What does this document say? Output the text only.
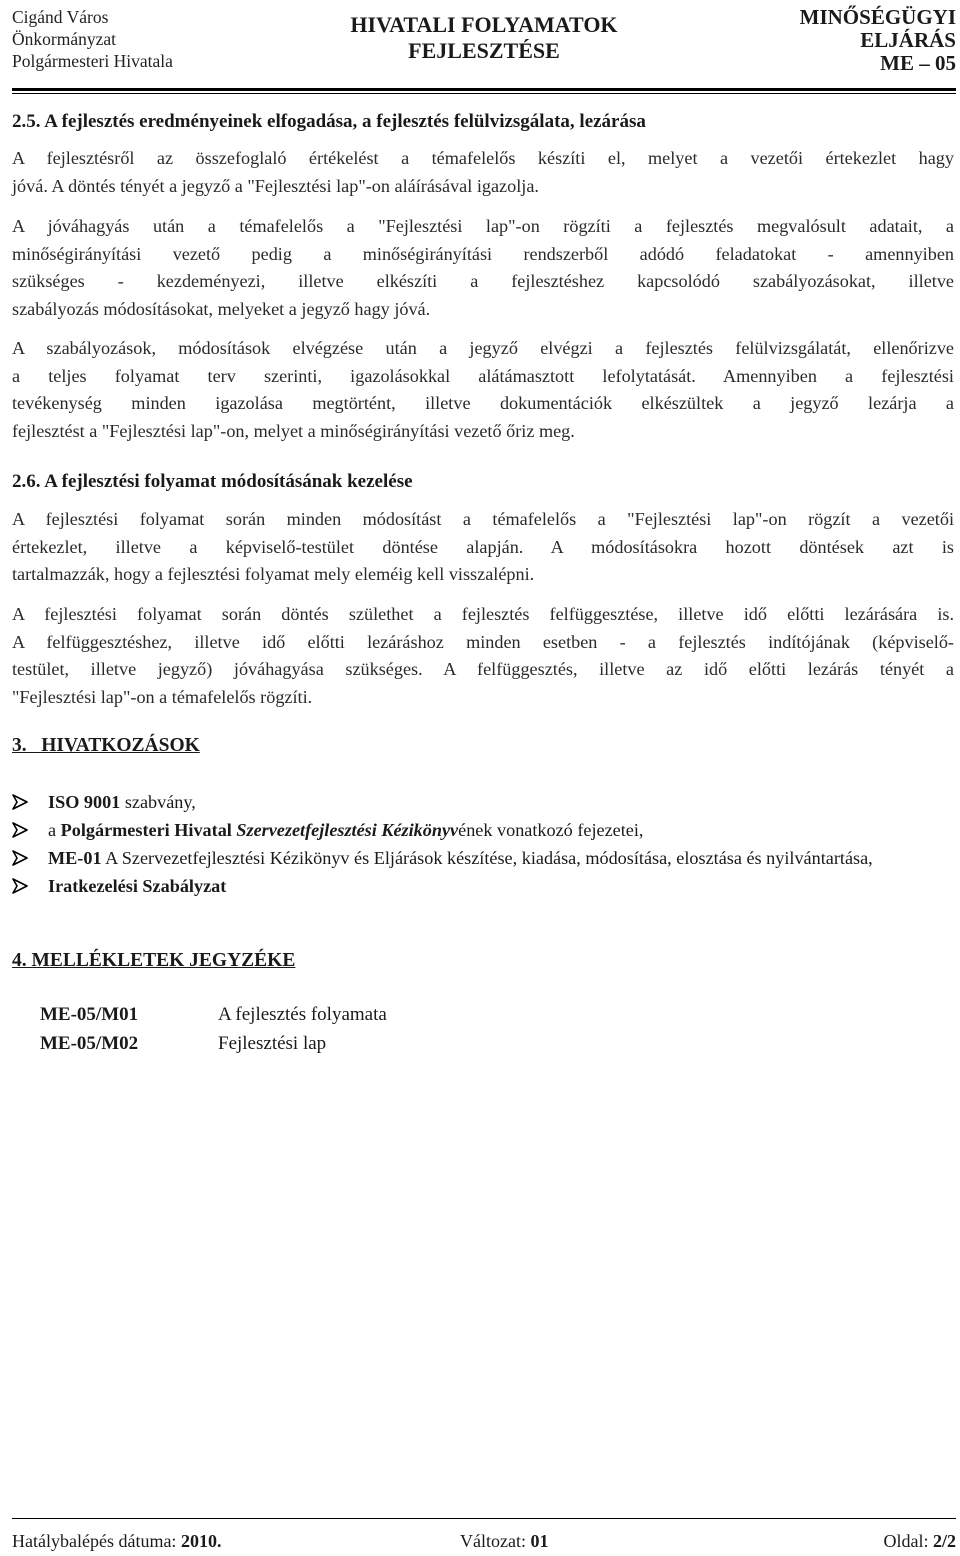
Cigánd Város
Önkormányzat
Polgármesteri Hivatala
HIVATALI FOLYAMATOK
FEJLESZTÉSE
MINŐSÉGÜGYI
ELJÁRÁS
ME – 05
2.5. A fejlesztés eredményeinek elfogadása, a fejlesztés felülvizsgálata, lezárása
A fejlesztésről az összefoglaló értékelést a témafelelős készíti el, melyet a vezetői értekezlet hagy
jóvá. A döntés tényét a jegyző a "Fejlesztési lap"-on aláírásával igazolja.
A jóváhagyás után a témafelelős a "Fejlesztési lap"-on rögzíti a fejlesztés megvalósult adatait, a
minőségirányítási vezető pedig a minőségirányítási rendszerből adódó feladatokat - amennyiben
szükséges - kezdeményezi, illetve elkészíti a fejlesztéshez kapcsolódó szabályozásokat, illetve
szabályozás módosításokat, melyeket a jegyző hagy jóvá.
A szabályozások, módosítások elvégzése után a jegyző elvégzi a fejlesztés felülvizsgálatát, ellenőrizve
a teljes folyamat terv szerinti, igazolásokkal alátámasztott lefolytatását. Amennyiben a fejlesztési
tevékenység minden igazolása megtörtént, illetve dokumentációk elkészültek a jegyző lezárja a
fejlesztést a "Fejlesztési lap"-on, melyet a minőségirányítási vezető őriz meg.
2.6. A fejlesztési folyamat módosításának kezelése
A fejlesztési folyamat során minden módosítást a témafelelős a "Fejlesztési lap"-on rögzít a vezetői
értekezlet, illetve a képviselő-testület döntése alapján. A módosításokra hozott döntések azt is
tartalmazzák, hogy a fejlesztési folyamat mely eleméig kell visszalépni.
A fejlesztési folyamat során döntés születhet a fejlesztés felfüggesztése, illetve idő előtti lezárására is.
A felfüggesztéshez, illetve idő előtti lezáráshoz minden esetben - a fejlesztés indítójának (képviselő-
testület, illetve jegyző) jóváhagyása szükséges. A felfüggesztés, illetve az idő előtti lezárás tényét a
"Fejlesztési lap"-on a témafelelős rögzíti.
3.   HIVATKOZÁSOK
ISO 9001 szabvány,
a Polgármesteri Hivatal Szervezetfejlesztési Kézikönyvének vonatkozó fejezetei,
ME-01 A Szervezetfejlesztési Kézikönyv és Eljárások készítése, kiadása, módosítása, elosztása és nyilvántartása,
Iratkezelési Szabályzat
4. MELLÉKLETEK JEGYZÉKE
ME-05/M01	A fejlesztés folyamata
ME-05/M02	Fejlesztési lap
Hatálybalépés dátuma: 2010.	Változat: 01	Oldal: 2/2
